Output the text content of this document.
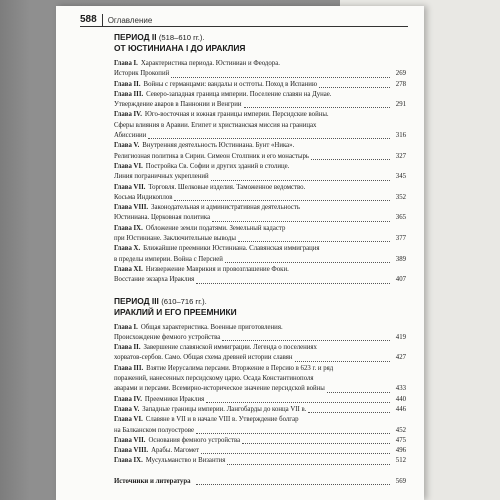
588	Оглавление
ПЕРИОД II (518–610 гг.).
ОТ ЮСТИНИАНА I ДО ИРАКЛИЯ
Глава I. Характеристика периода. Юстиниан и Феодора.
Историк Прокопий	269
Глава II. Войны с германцами: вандалы и остготы. Поход в Испанию	278
Глава III. Северо-западная граница империи. Поселение славян на Дунае.
Утверждение аваров в Паннонии и Венгрии	291
Глава IV. Юго-восточная и южная границы империи. Персидские войны.
Сферы влияния в Аравии. Египет и христианская миссия на границах
Абиссинии	316
Глава V. Внутренняя деятельность Юстиниана. Бунт «Ника».
Религиозная политика в Сирии. Симеон Столпник и его монастырь	327
Глава VI. Постройка Св. Софии и других зданий в столице.
Линия пограничных укреплений	345
Глава VII. Торговля. Шелковые изделия. Таможенное ведомство.
Косьма Индикоплов	352
Глава VIII. Законодательная и административная деятельность
Юстиниана. Церковная политика	365
Глава IX. Обложение земли податями. Земельный кадастр
при Юстиниане. Заключительные выводы	377
Глава X. Ближайшие преемники Юстиниана. Славянская иммиграция
в пределы империи. Война с Персией	389
Глава XI. Низвержение Маврикия и провозглашение Фоки.
Восстание экзарха Ираклия	407
ПЕРИОД III (610–716 гг.).
ИРАКЛИЙ И ЕГО ПРЕЕМНИКИ
Глава I. Общая характеристика. Военные приготовления.
Происхождение фемного устройства	419
Глава II. Завершение славянской иммиграции. Легенда о поселениях
хорватов-сербов. Само. Общая схема древней истории славян	427
Глава III. Взятие Иерусалима персами. Вторжение в Персию в 623 г. и ряд
поражений, нанесенных персидскому царю. Осада Константинополя
аварами и персами. Всемирно-историческое значение персидской войны	433
Глава IV. Преемники Ираклия	440
Глава V. Западные границы империи. Лангобарды до конца VII в.	446
Глава VI. Славяне в VII и в начале VIII в. Утверждение болгар
на Балканском полуострове	452
Глава VII. Основания фемного устройства	475
Глава VIII. Арабы. Магомет	496
Глава IX. Мусульманство и Византия	512
Источники и литература	569
